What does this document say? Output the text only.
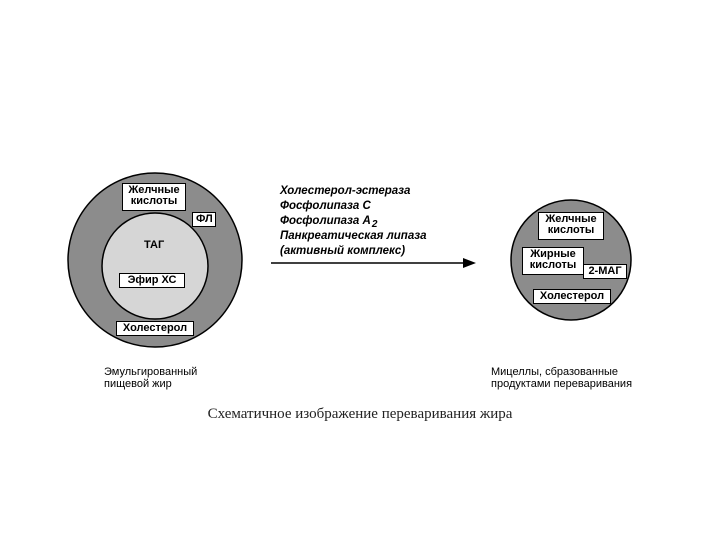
Желчные
кислоты
ФЛ
ТАГ
Эфир ХС
Холестерол
Эмульгированный
пищевой жир
Холестерол-эстераза
Фосфолипаза С
Фосфолипаза А2
Панкреатическая липаза
(активный комплекс)
Желчные
кислоты
Жирные
кислоты	2-МАГ
Холестерол
Мицеллы, сбразованные
продуктами переваривания
Схематичное изображение переваривания жира
